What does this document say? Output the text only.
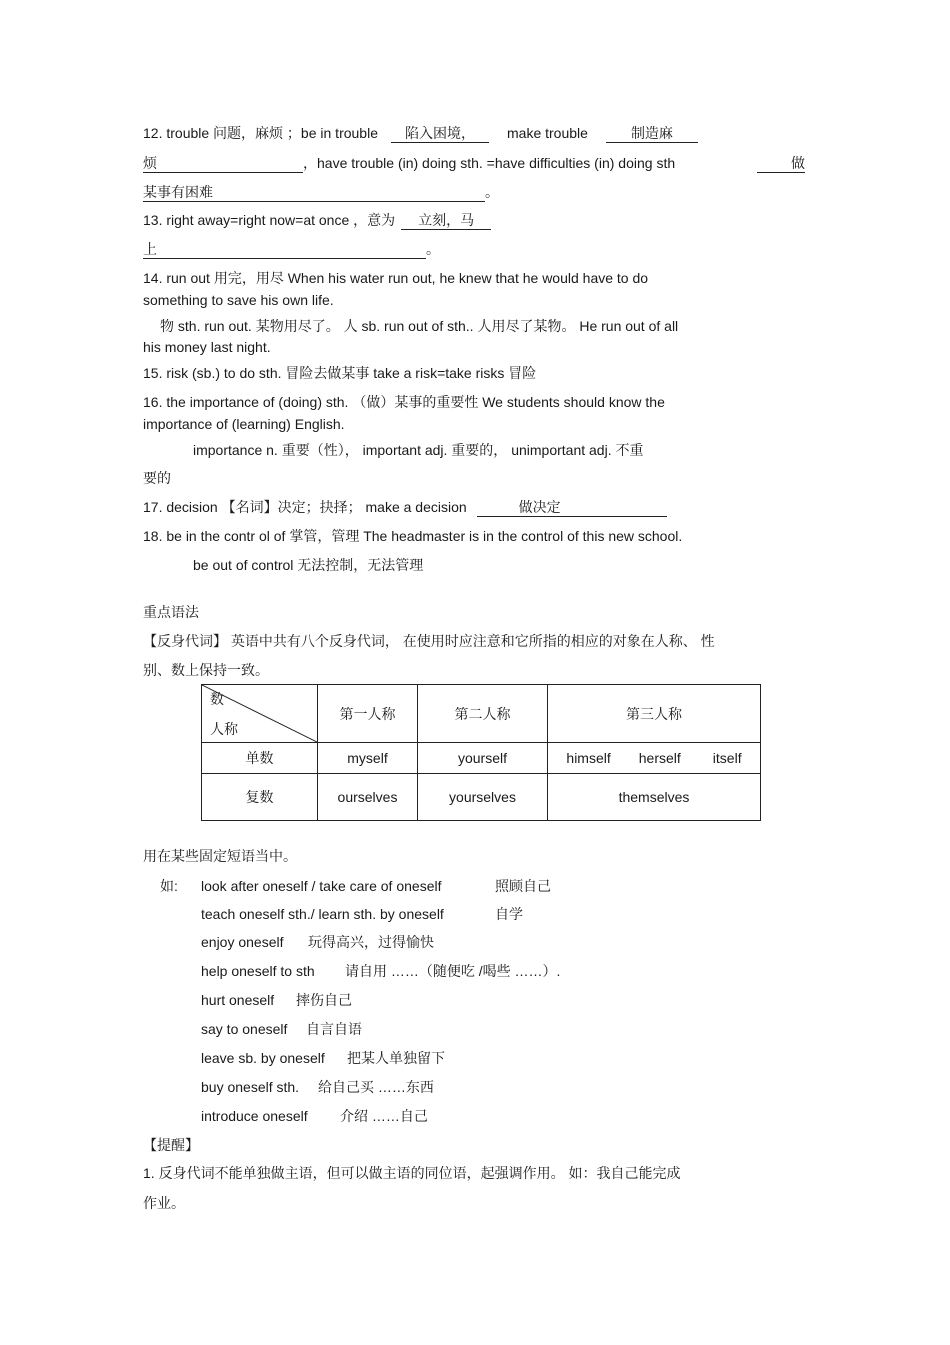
12. trouble 问题，麻烦 ；be in trouble 陷入困境， make trouble	制造麻
烦	，have trouble (in) doing sth. =have difficulties (in) doing sth	做
某事有困难	。
13. right away=right now=at once ，意为 立刻，马
上	。
14. run out 用完，用尽 When his water run out, he knew that he would have to do
something to save his own life.
物 sth. run out. 某物用尽了。 人 sb. run out of sth.. 人用尽了某物。 He run out of all
his money last night.
15. risk (sb.) to do sth. 冒险去做某事 take a risk=take risks 冒险
16. the importance of (doing) sth. （做）某事的重要性 We students should know the
importance of (learning) English.
importance n. 重要（性）， important adj. 重要的， unimportant adj. 不重
要的
17. decision 【名词】决定；抉择； make a decision	做决定
18. be in the contr ol of 掌管，管理 The headmaster is in the control of this new school.
be out of control 无法控制，无法管理
重点语法
【反身代词】 英语中共有八个反身代词， 在使用时应注意和它所指的相应的对象在人称、 性
别、数上保持一致。
数
人称	第一人称	第二人称	第三人称
单数	myself	yourself	himself herself itself
复数	ourselves	yourselves	themselves
用在某些固定短语当中。
如: look after oneself / take care of oneself	照顾自己
teach oneself sth./ learn sth. by oneself	自学
enjoy oneself 玩得高兴，过得愉快
help oneself to sth 请自用 ……（随便吃 /喝些 ……）.
hurt oneself 摔伤自己
say to oneself 自言自语
leave sb. by oneself 把某人单独留下
buy oneself sth. 给自己买 ……东西
introduce oneself 介绍 ……自己
【提醒】
1. 反身代词不能单独做主语，但可以做主语的同位语，起强调作用。 如：我自己能完成
作业。
